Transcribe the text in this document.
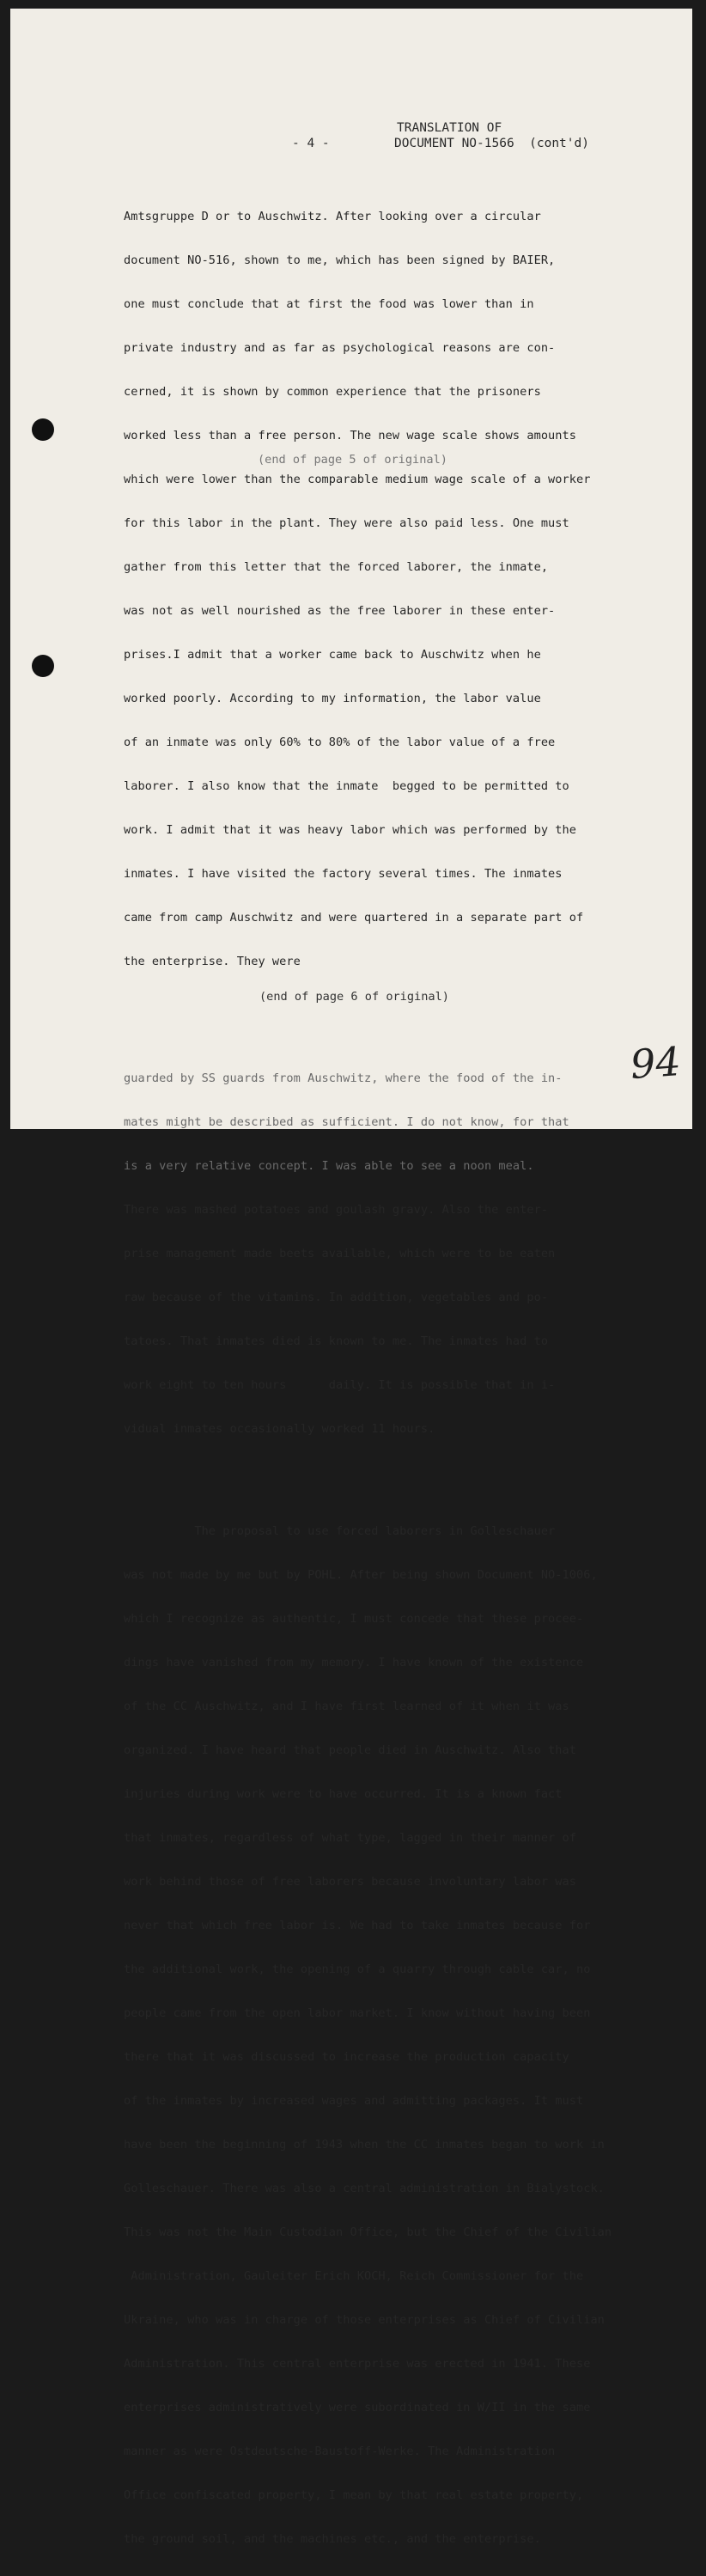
- 4 -
TRANSLATION OF
DOCUMENT NO-1566  (cont'd)

Amtsgruppe D or to Auschwitz. After looking over a circular

document NO-516, shown to me, which has been signed by BAIER,

one must conclude that at first the food was lower than in

private industry and as far as psychological reasons are con-

cerned, it is shown by common experience that the prisoners

worked less than a free person. The new wage scale shows amounts

which were lower than the comparable medium wage scale of a worker

for this labor in the plant. They were also paid less. One must

gather from this letter that the forced laborer, the inmate,

was not as well nourished as the free laborer in these enter-

prises.I admit that a worker came back to Auschwitz when he

worked poorly. According to my information, the labor value

of an inmate was only 60% to 80% of the labor value of a free

laborer. I also know that the inmate  begged to be permitted to

work. I admit that it was heavy labor which was performed by the

inmates. I have visited the factory several times. The inmates

came from camp Auschwitz and were quartered in a separate part of

the enterprise. They were

guarded by SS guards from Auschwitz, where the food of the in-

mates might be described as sufficient. I do not know, for that

is a very relative concept. I was able to see a noon meal.

There was mashed potatoes and goulash gravy. Also the enter-

prise management made beets available, which were to be eaten

raw because of the vitamins. In addition, vegetables and po-

tatoes. That inmates died is known to me. The inmates had to

work eight to ten hours      daily. It is possible that in i-

vidual inmates occasionally worked 11 hours.

The proposal to use forced laborers in Golleschauer

was not made by me but by POHL. After being shown Document NO-1006,

which I recognize as authentic, I must concede that these procee-

dings have vanished from my memory. I have known of the existence

of the CC Auschwitz, and I have first learned of it when it was

organized. I have heard that people died in Auschwitz. Also that

injuries during work were to have occurred. It is a known fact

that inmates, regardless of what type, lagged in their manner of

work behind those of free laborers because involuntary labor was

never that which free labor is. We had to take inmates because for

the additional work, the opening of a quarry through cable car, no

people came from the open labor market. I know without having been

there that it was discussed to increase the production capacity

of the inmates by increased wages and admitting packages. It must

have been the beginning of 1943 when the CC inmates began to work in

Golleschauer. There was also a central administration in Bialystock.

This was not the Main Custodian Office, but the Chief of the Civilian

Administration, Gauleiter Erich KOCH, Reich Commissioner for the

Ukraine, who was in charge of those enterprises as Chief of Civilian

Administration. This central enterprise was erected in 1941. These

enterprises administratively were subordinated in W/II in the same

manner as were Ostdeutsche-Baustoff-Werke. The Administration

Office confiscated property, I mean by that real estate property,

the ground soil, and the machines etc., and the enterprise.

(end of page 5 of original)
(end of page 6 of original)
94
